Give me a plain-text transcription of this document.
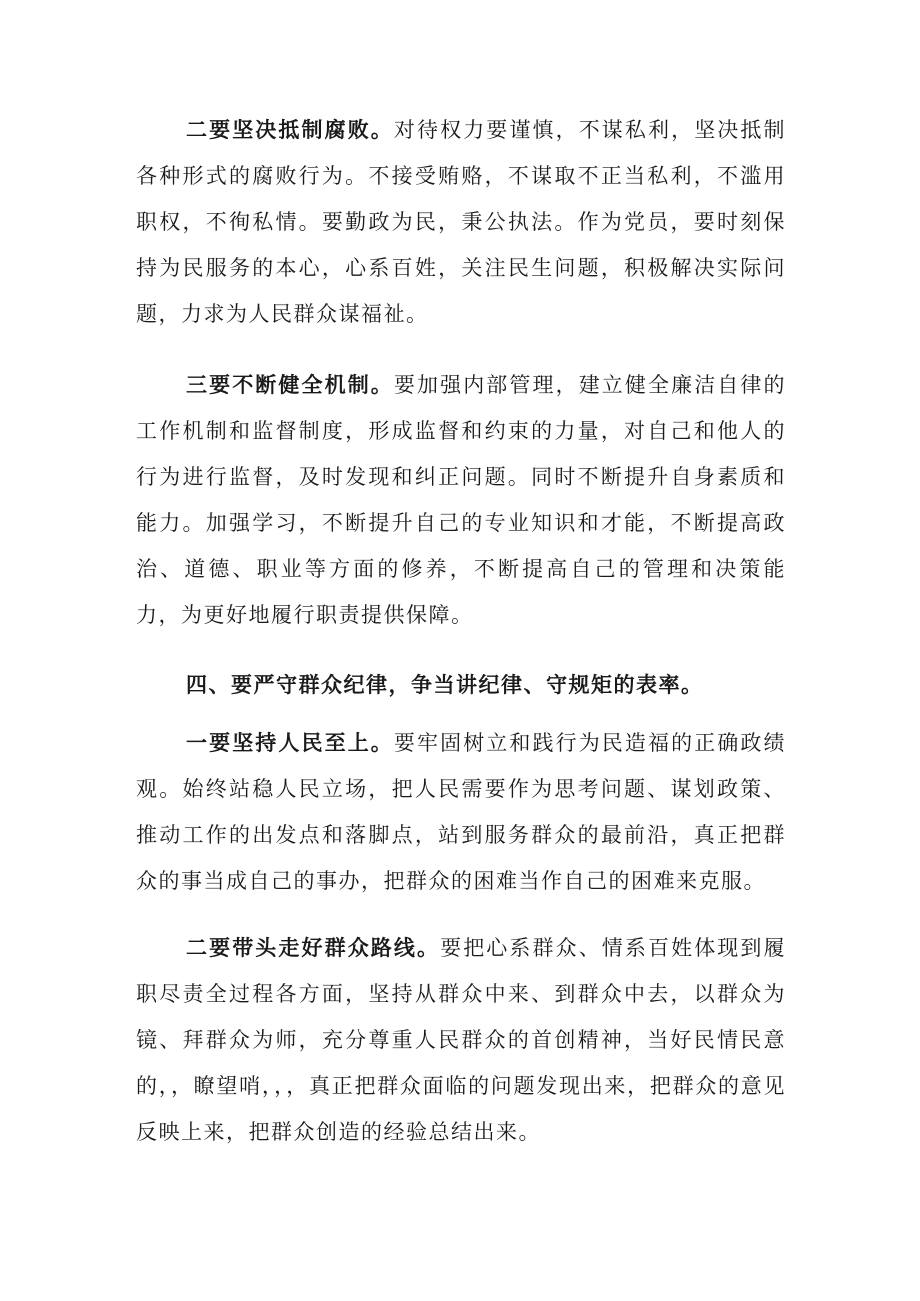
二要坚决抵制腐败。对待权力要谨慎，不谋私利，坚决抵制各种形式的腐败行为。不接受贿赂，不谋取不正当私利，不滥用职权，不徇私情。要勤政为民，秉公执法。作为党员，要时刻保持为民服务的本心，心系百姓，关注民生问题，积极解决实际问题，力求为人民群众谋福祉。

三要不断健全机制。要加强内部管理，建立健全廉洁自律的工作机制和监督制度，形成监督和约束的力量，对自己和他人的行为进行监督，及时发现和纠正问题。同时不断提升自身素质和能力。加强学习，不断提升自己的专业知识和才能，不断提高政治、道德、职业等方面的修养，不断提高自己的管理和决策能力，为更好地履行职责提供保障。

四、要严守群众纪律，争当讲纪律、守规矩的表率。

一要坚持人民至上。要牢固树立和践行为民造福的正确政绩观。始终站稳人民立场，把人民需要作为思考问题、谋划政策、推动工作的出发点和落脚点，站到服务群众的最前沿，真正把群众的事当成自己的事办，把群众的困难当作自己的困难来克服。

二要带头走好群众路线。要把心系群众、情系百姓体现到履职尽责全过程各方面，坚持从群众中来、到群众中去，以群众为镜、拜群众为师，充分尊重人民群众的首创精神，当好民情民意的，，瞭望哨，，，真正把群众面临的问题发现出来，把群众的意见反映上来，把群众创造的经验总结出来。
